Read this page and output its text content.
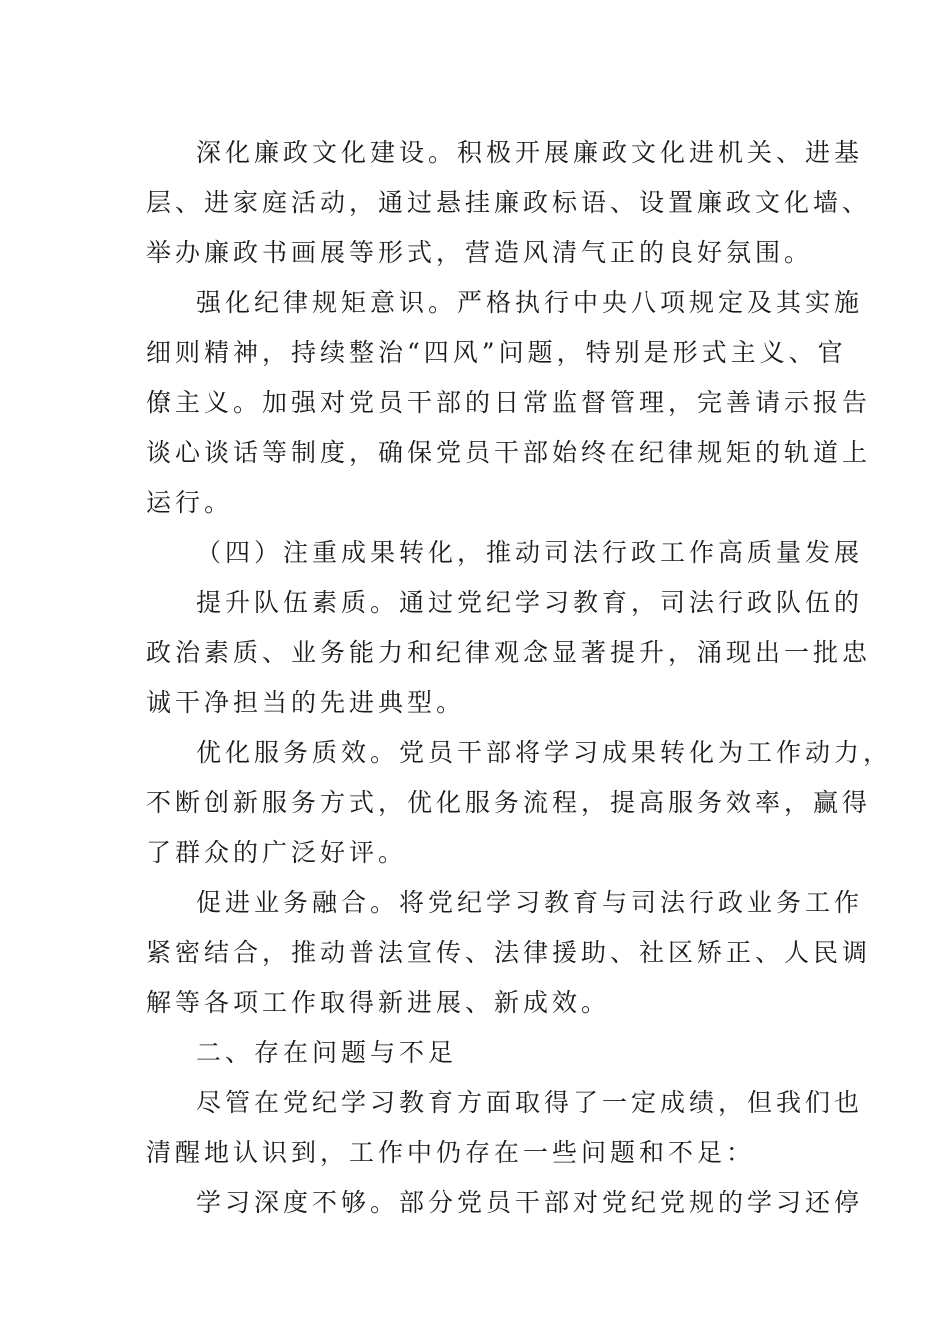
深化廉政文化建设。积极开展廉政文化进机关、进基
层、进家庭活动，通过悬挂廉政标语、设置廉政文化墙、
举办廉政书画展等形式，营造风清气正的良好氛围。
强化纪律规矩意识。严格执行中央八项规定及其实施
细则精神，持续整治“四风”问题，特别是形式主义、官
僚主义。加强对党员干部的日常监督管理，完善请示报告
谈心谈话等制度，确保党员干部始终在纪律规矩的轨道上
运行。
（四）注重成果转化，推动司法行政工作高质量发展
提升队伍素质。通过党纪学习教育，司法行政队伍的
政治素质、业务能力和纪律观念显著提升，涌现出一批忠
诚干净担当的先进典型。
优化服务质效。党员干部将学习成果转化为工作动力，
不断创新服务方式，优化服务流程，提高服务效率，赢得
了群众的广泛好评。
促进业务融合。将党纪学习教育与司法行政业务工作
紧密结合，推动普法宣传、法律援助、社区矫正、人民调
解等各项工作取得新进展、新成效。
二、存在问题与不足
尽管在党纪学习教育方面取得了一定成绩，但我们也
清醒地认识到，工作中仍存在一些问题和不足：
学习深度不够。部分党员干部对党纪党规的学习还停
